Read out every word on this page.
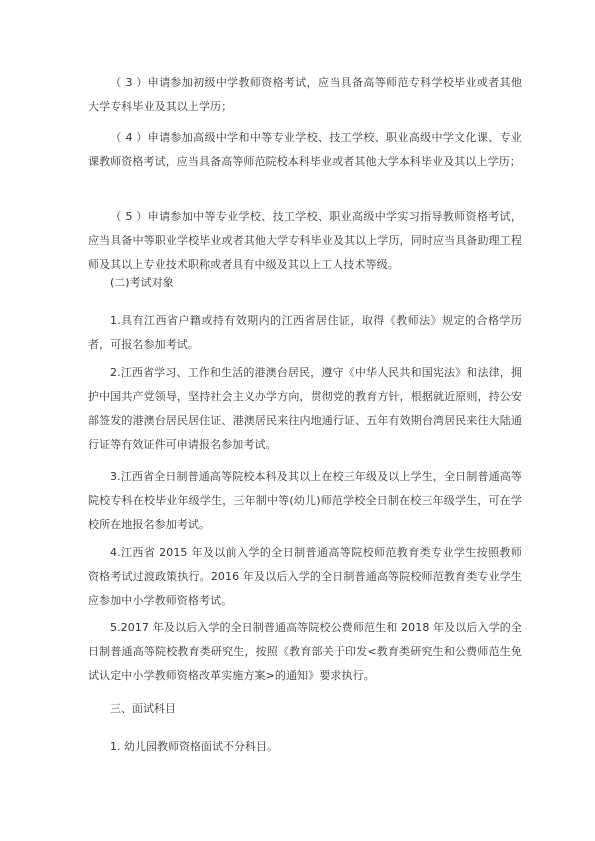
（ 3 ）申请参加初级中学教师资格考试，应当具备高等师范专科学校毕业或者其他大学专科毕业及其以上学历；
（ 4 ）申请参加高级中学和中等专业学校、技工学校、职业高级中学文化课、专业课教师资格考试，应当具备高等师范院校本科毕业或者其他大学本科毕业及其以上学历；
（ 5 ）申请参加中等专业学校、技工学校、职业高级中学实习指导教师资格考试，应当具备中等职业学校毕业或者其他大学专科毕业及其以上学历，同时应当具备助理工程师及其以上专业技术职称或者具有中级及其以上工人技术等级。
(二)考试对象
1.具有江西省户籍或持有效期内的江西省居住证，取得《教师法》规定的合格学历者，可报名参加考试。
2.江西省学习、工作和生活的港澳台居民，遵守《中华人民共和国宪法》和法律，拥护中国共产党领导，坚持社会主义办学方向，贯彻党的教育方针，根据就近原则，持公安部签发的港澳台居民居住证、港澳居民来往内地通行证、五年有效期台湾居民来往大陆通行证等有效证件可申请报名参加考试。
3.江西省全日制普通高等院校本科及其以上在校三年级及以上学生，全日制普通高等院校专科在校毕业年级学生，三年制中等(幼儿)师范学校全日制在校三年级学生，可在学校所在地报名参加考试。
4.江西省 2015 年及以前入学的全日制普通高等院校师范教育类专业学生按照教师资格考试过渡政策执行。2016 年及以后入学的全日制普通高等院校师范教育类专业学生应参加中小学教师资格考试。
5.2017 年及以后入学的全日制普通高等院校公费师范生和 2018 年及以后入学的全日制普通高等院校教育类研究生，按照《教育部关于印发<教育类研究生和公费师范生免试认定中小学教师资格改革实施方案>的通知》要求执行。
三、面试科目
1. 幼儿园教师资格面试不分科目。
